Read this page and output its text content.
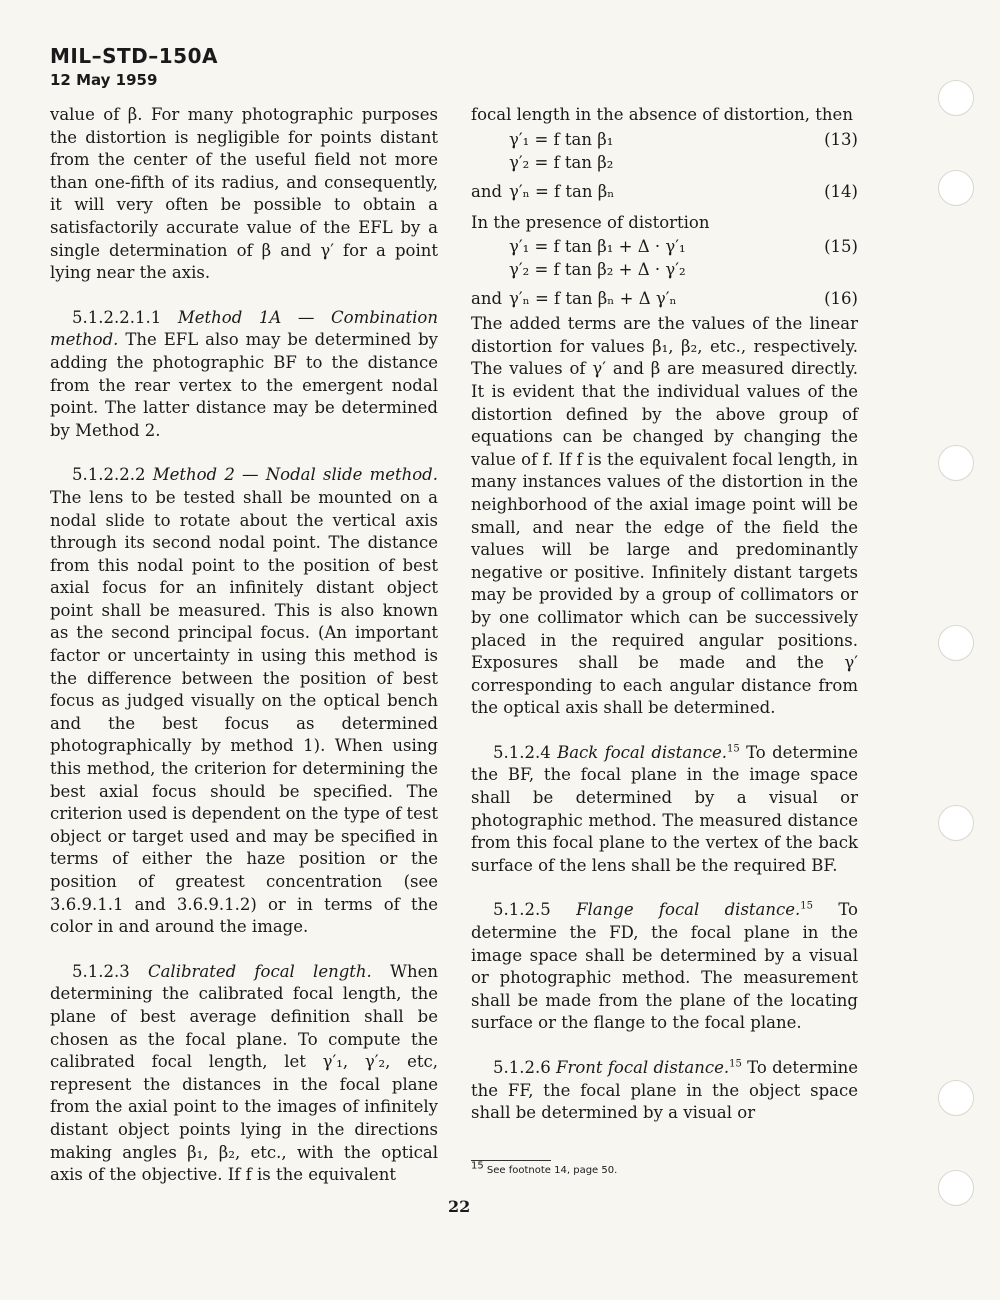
MIL–STD–150A
12 May 1959

value of β. For many photographic purposes the distortion is negligible for points distant from the center of the useful field not more than one-fifth of its radius, and consequently, it will very often be possible to obtain a satisfactorily accurate value of the EFL by a single determination of β and γ′ for a point lying near the axis.

5.1.2.2.1.1 Method 1A — Combination method. The EFL also may be determined by adding the photographic BF to the distance from the rear vertex to the emergent nodal point. The latter distance may be determined by Method 2.

5.1.2.2.2 Method 2 — Nodal slide method. The lens to be tested shall be mounted on a nodal slide to rotate about the vertical axis through its second nodal point. The distance from this nodal point to the position of best axial focus for an infinitely distant object point shall be measured. This is also known as the second principal focus. (An important factor or uncertainty in using this method is the difference between the position of best focus as judged visually on the optical bench and the best focus as determined photographically by method 1). When using this method, the criterion for determining the best axial focus should be specified. The criterion used is dependent on the type of test object or target used and may be specified in terms of either the haze position or the position of greatest concentration (see 3.6.9.1.1 and 3.6.9.1.2) or in terms of the color in and around the image.

5.1.2.3 Calibrated focal length. When determining the calibrated focal length, the plane of best average definition shall be chosen as the focal plane. To compute the calibrated focal length, let γ′₁, γ′₂, etc, represent the distances in the focal plane from the axial point to the images of infinitely distant object points lying in the directions making angles β₁, β₂, etc., with the optical axis of the objective. If f is the equivalent

focal length in the absence of distortion, then

γ′₁ = f tan β₁	(13)
γ′₂ = f tan β₂
and γ′ₙ = f tan βₙ	(14)

In the presence of distortion

γ′₁ = f tan β₁ + Δ · γ′₁	(15)
γ′₂ = f tan β₂ + Δ · γ′₂
and γ′ₙ = f tan βₙ + Δ γ′ₙ	(16)

The added terms are the values of the linear distortion for values β₁, β₂, etc., respectively. The values of γ′ and β are measured directly. It is evident that the individual values of the distortion defined by the above group of equations can be changed by changing the value of f. If f is the equivalent focal length, in many instances values of the distortion in the neighborhood of the axial image point will be small, and near the edge of the field the values will be large and predominantly negative or positive. Infinitely distant targets may be provided by a group of collimators or by one collimator which can be successively placed in the required angular positions. Exposures shall be made and the γ′ corresponding to each angular distance from the optical axis shall be determined.

5.1.2.4 Back focal distance.$^{15}$ To determine the BF, the focal plane in the image space shall be determined by a visual or photographic method. The measured distance from this focal plane to the vertex of the back surface of the lens shall be the required BF.

5.1.2.5 Flange focal distance.$^{15}$ To determine the FD, the focal plane in the image space shall be determined by a visual or photographic method. The measurement shall be made from the plane of the locating surface or the flange to the focal plane.

5.1.2.6 Front focal distance.$^{15}$ To determine the FF, the focal plane in the object space shall be determined by a visual or

$^{15}$ See footnote 14, page 50.
22
